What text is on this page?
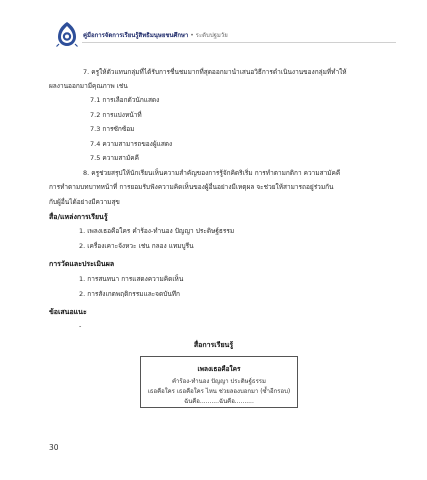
คู่มือการจัดการเรียนรู้สิทธิมนุษยชนศึกษา • ระดับปฐมวัย
7. ครูให้ตัวแทนกลุ่มที่ได้รับการชื่นชมมากที่สุดออกมานำเสนอวิธีการดำเนินงานของกลุ่มที่ทำให้
ผลงานออกมามีคุณภาพ เช่น
7.1 การเลือกตัวนักแสดง
7.2 การแบ่งหน้าที่
7.3 การซักซ้อม
7.4 ความสามารถของผู้แสดง
7.5 ความสามัคคี
8. ครูช่วยสรุปให้นักเรียนเห็นความสำคัญของการรู้จักคิดริเริ่ม การทำตามกติกา ความสามัคคี
การทำตามบทบาทหน้าที่ การยอมรับฟังความคิดเห็นของผู้อื่นอย่างมีเหตุผล จะช่วยให้สามารถอยู่ร่วมกัน
กับผู้อื่นได้อย่างมีความสุข
สื่อ/แหล่งการเรียนรู้
1. เพลงเธอคือใคร คำร้อง-ทำนอง ปัญญา ประดิษฐ์ธรรม
2. เครื่องเคาะจังหวะ เช่น กลอง แทมบูรีน
การวัดและประเมินผล
1. การสนทนา การแสดงความคิดเห็น
2. การสังเกตพฤติกรรมและจดบันทึก
ข้อเสนอแนะ
-
สื่อการเรียนรู้
เพลงเธอคือใคร
คำร้อง-ทำนอง ปัญญา ประดิษฐ์ธรรม
เธอคือใคร เธอคือใคร ไหน ช่วยลองบอกมา (ซ้ำอีกรอบ)
ฉันคือ..........ฉันคือ..........
30
